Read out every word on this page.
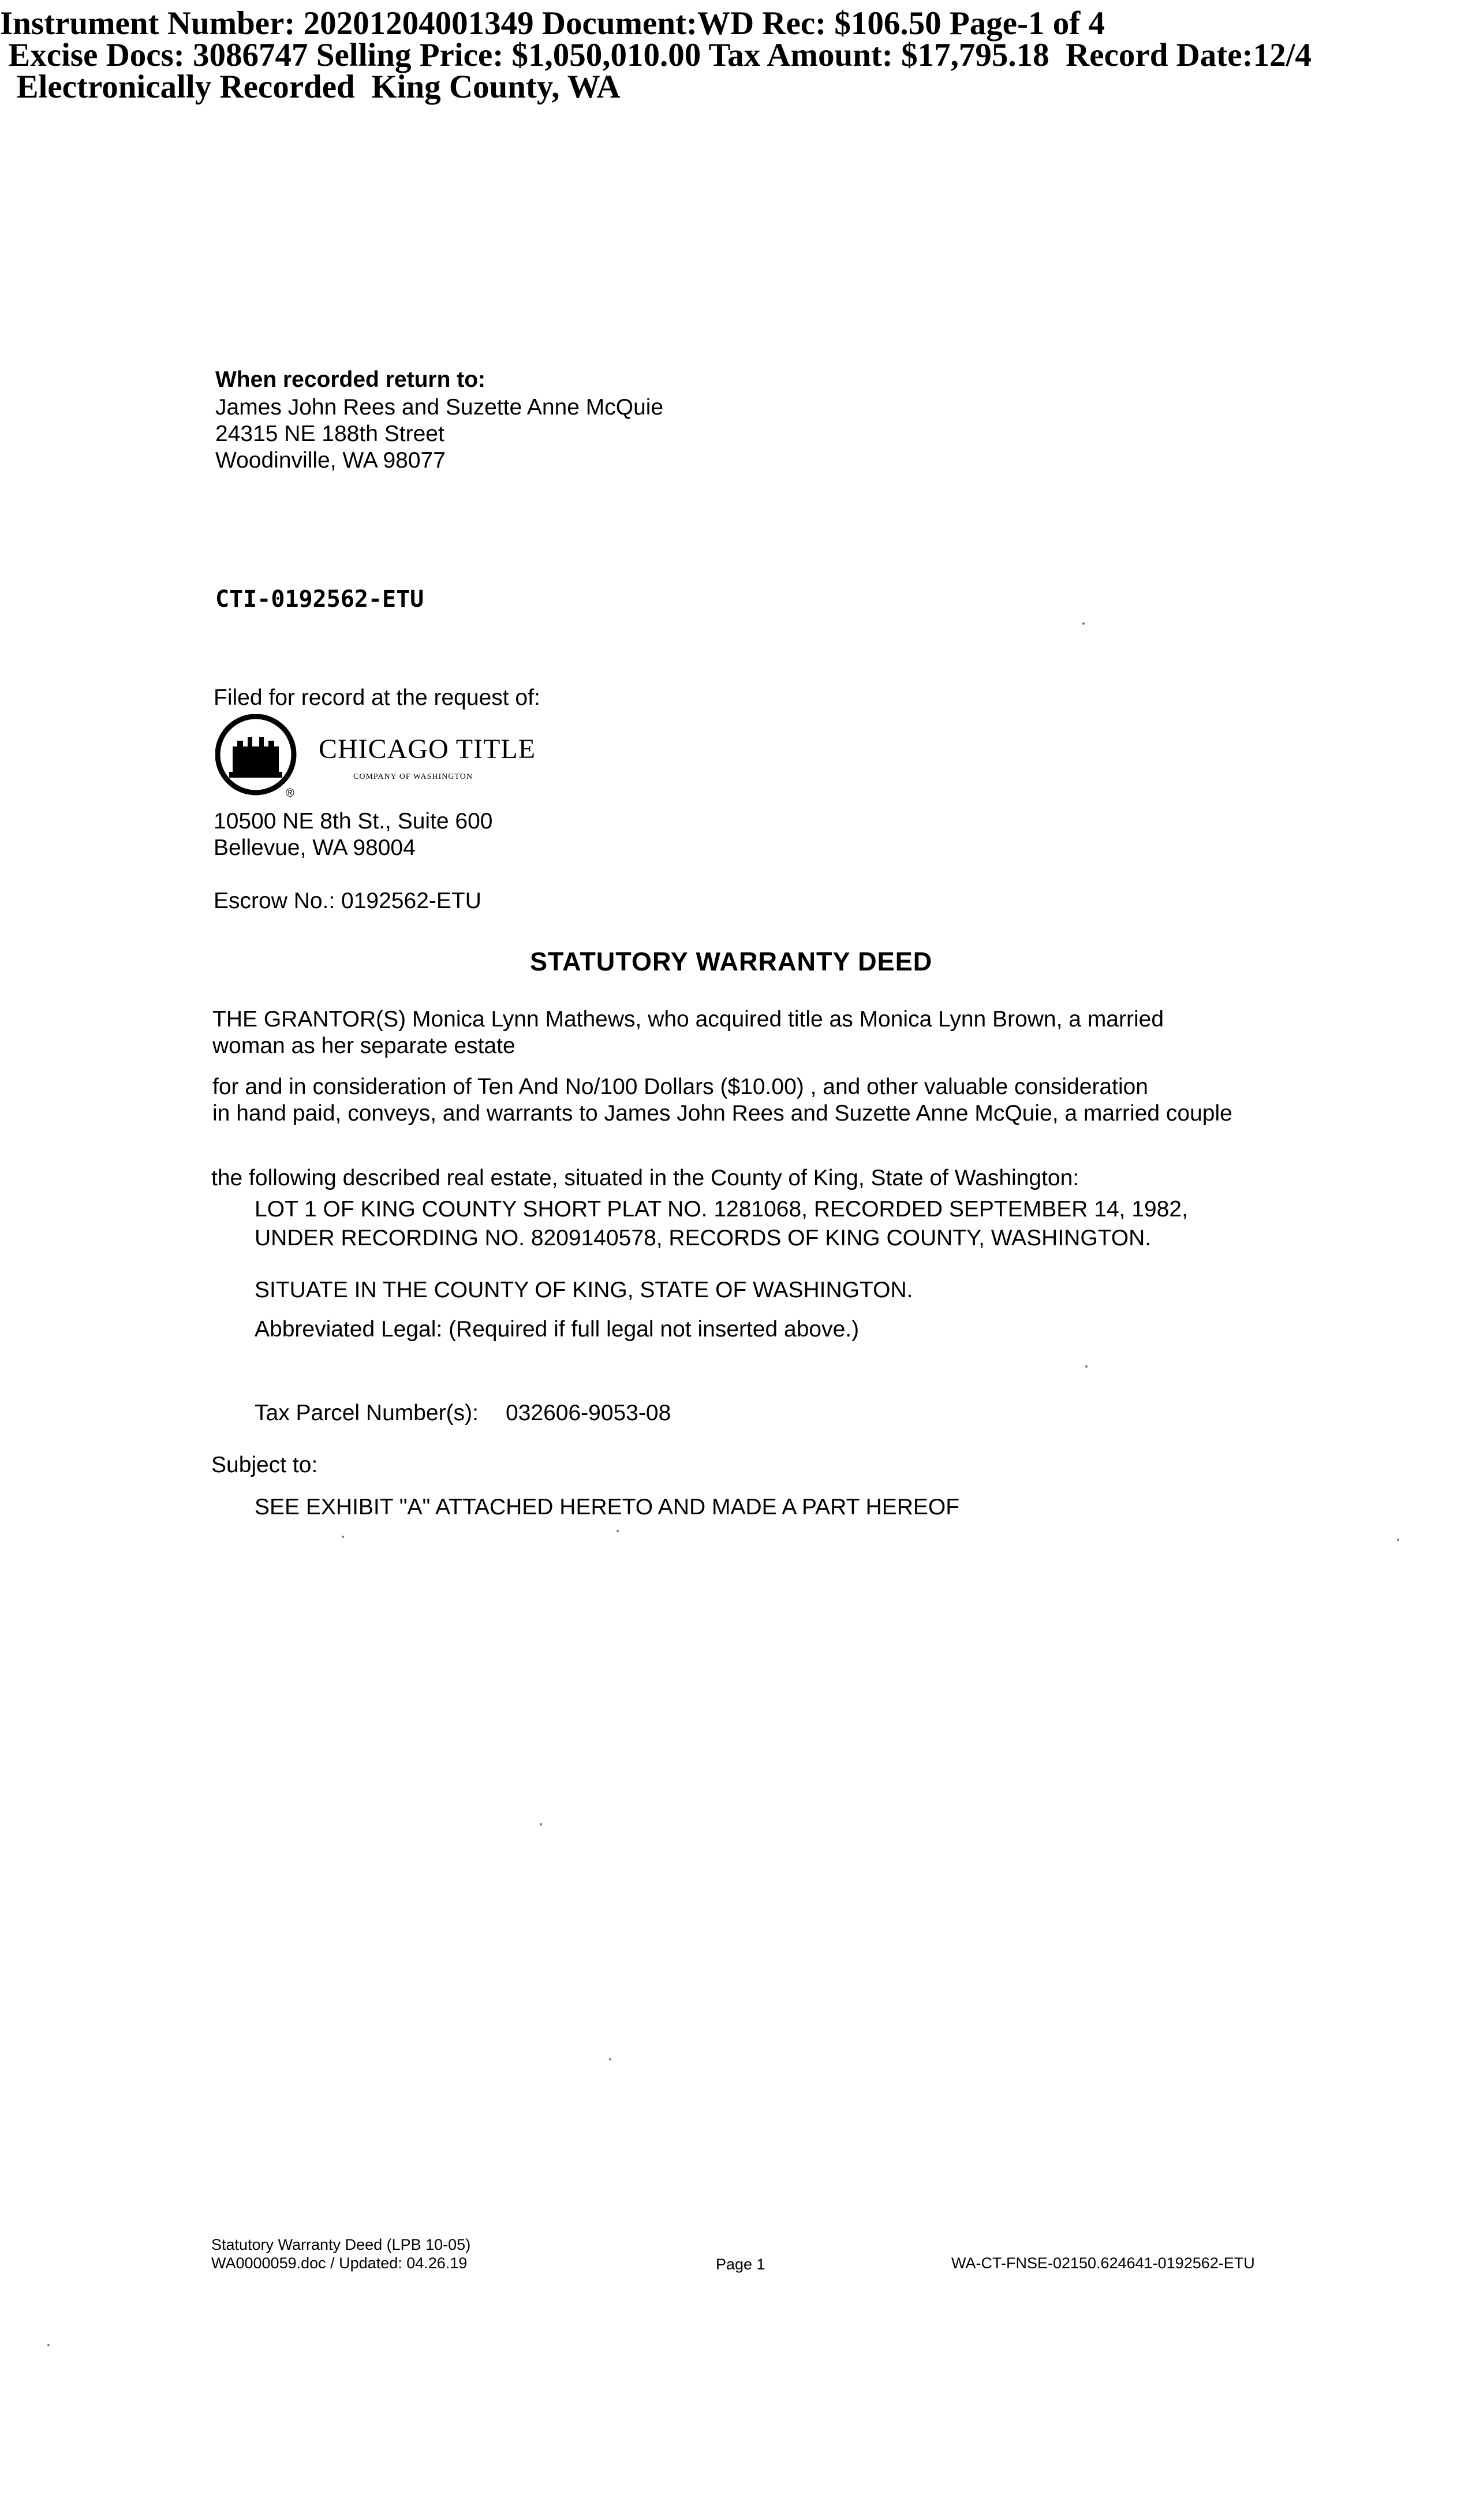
Instrument Number: 20201204001349 Document:WD Rec: $106.50 Page-1 of 4
Excise Docs: 3086747 Selling Price: $1,050,010.00 Tax Amount: $17,795.18  Record Date:12/4
Electronically Recorded  King County, WA
When recorded return to:
James John Rees and Suzette Anne McQuie
24315 NE 188th Street
Woodinville, WA 98077
CTI-0192562-ETU
Filed for record at the request of:
®
CHICAGO TITLE
COMPANY OF WASHINGTON
10500 NE 8th St., Suite 600
Bellevue, WA 98004
Escrow No.: 0192562-ETU
STATUTORY WARRANTY DEED
THE GRANTOR(S) Monica Lynn Mathews, who acquired title as Monica Lynn Brown, a married
woman as her separate estate
for and in consideration of Ten And No/100 Dollars ($10.00) , and other valuable consideration
in hand paid, conveys, and warrants to James John Rees and Suzette Anne McQuie, a married couple
the following described real estate, situated in the County of King, State of Washington:
LOT 1 OF KING COUNTY SHORT PLAT NO. 1281068, RECORDED SEPTEMBER 14, 1982,
UNDER RECORDING NO. 8209140578, RECORDS OF KING COUNTY, WASHINGTON.
SITUATE IN THE COUNTY OF KING, STATE OF WASHINGTON.
Abbreviated Legal: (Required if full legal not inserted above.)
Tax Parcel Number(s): 032606-9053-08
Subject to:
SEE EXHIBIT "A" ATTACHED HERETO AND MADE A PART HEREOF
Statutory Warranty Deed (LPB 10-05)
WA0000059.doc / Updated: 04.26.19	Page 1	WA-CT-FNSE-02150.624641-0192562-ETU
